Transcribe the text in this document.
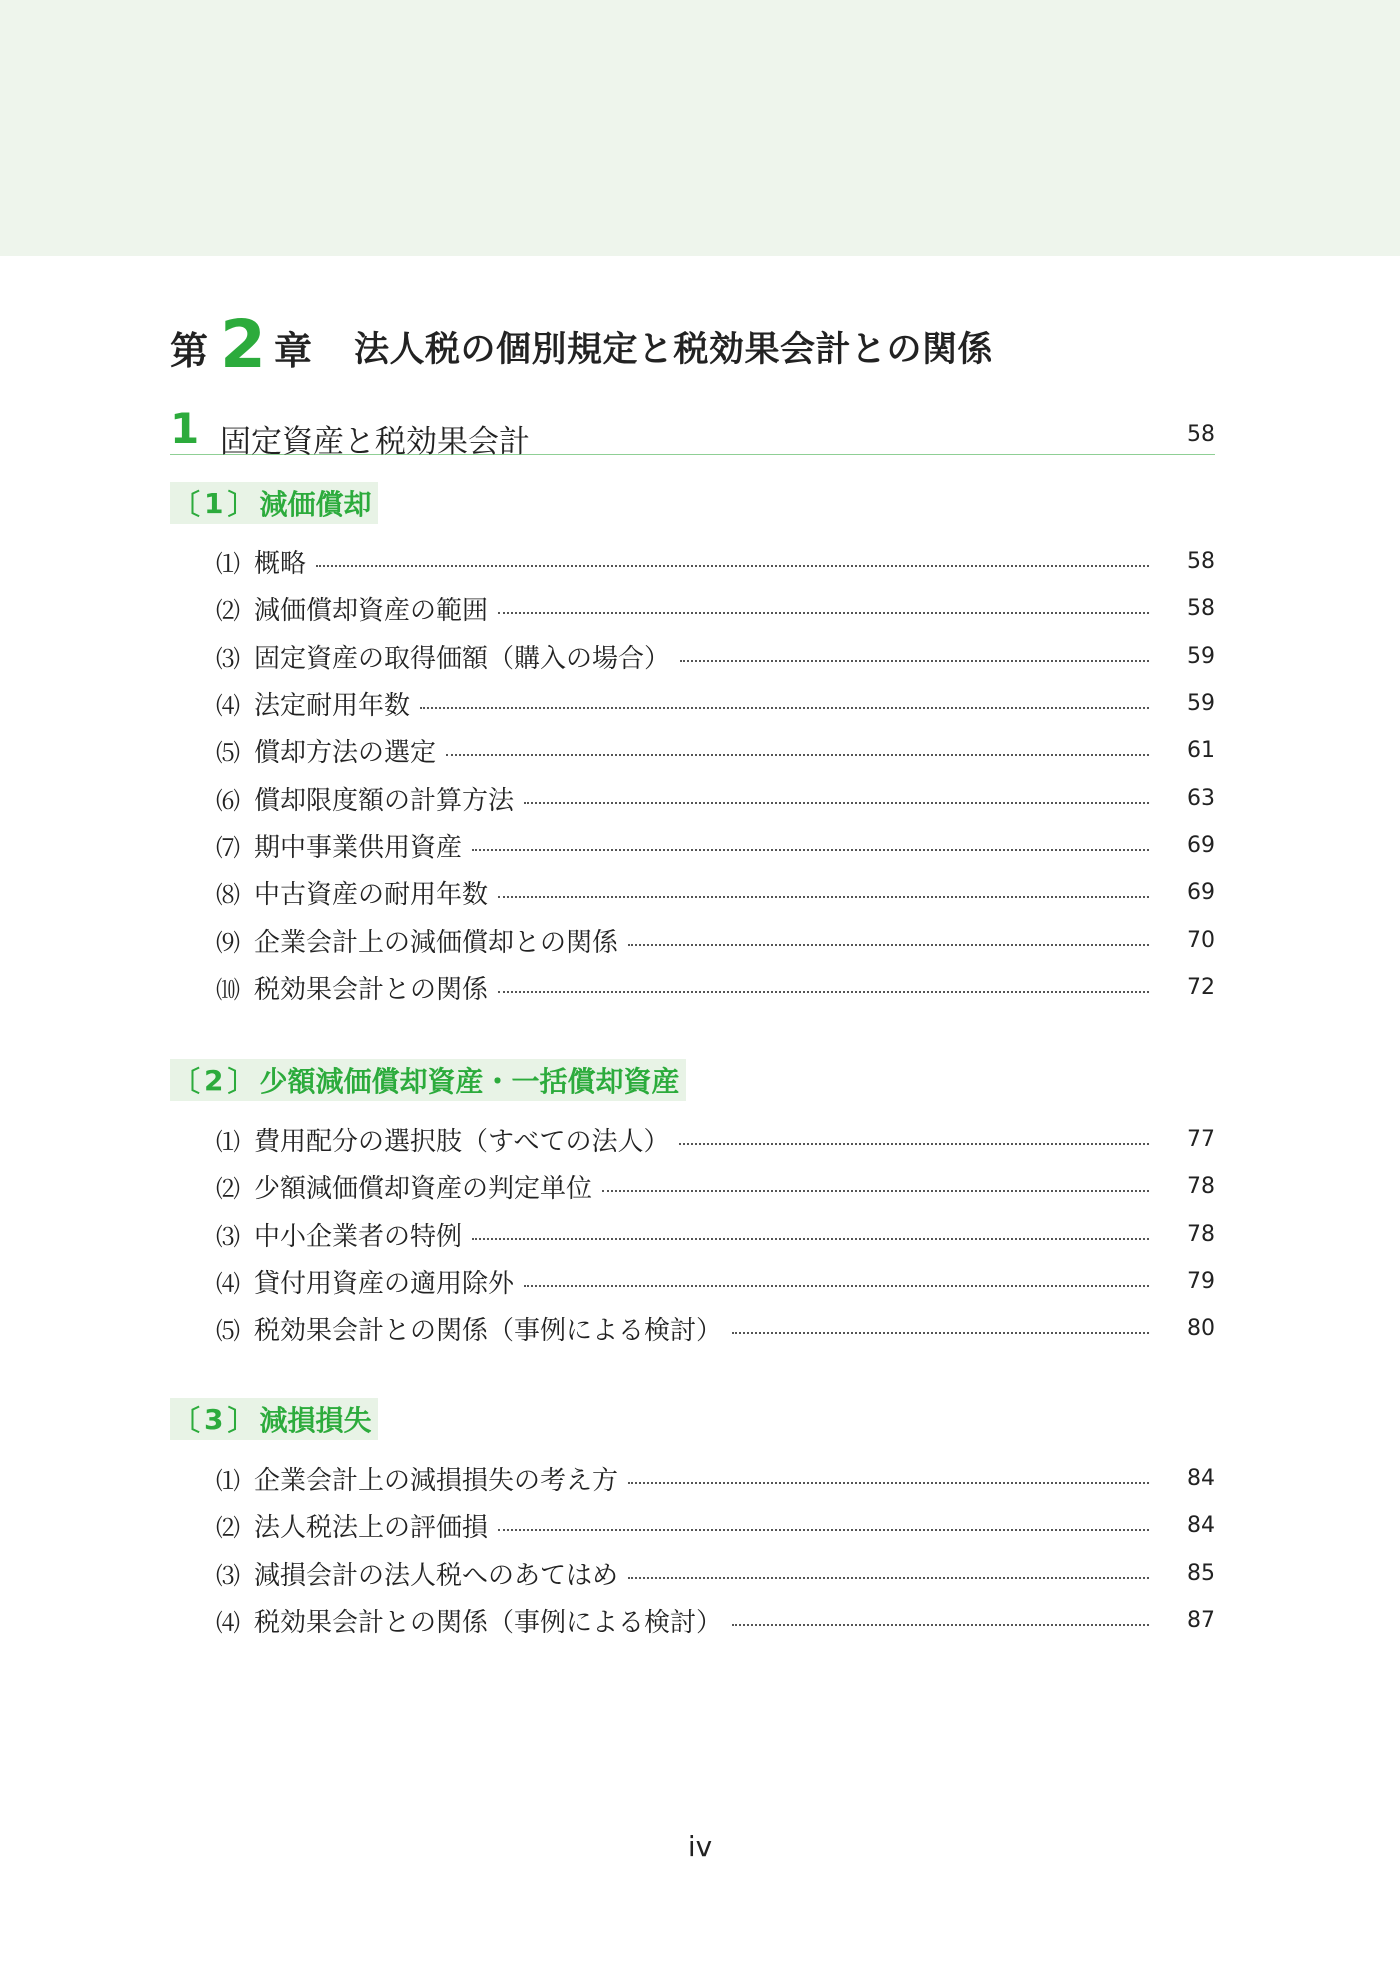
第 2 章 法人税の個別規定と税効果会計との関係
1 固定資産と税効果会計	58
〔 1 〕 減価償却
⑴ 概略	58
⑵ 減価償却資産の範囲	58
⑶ 固定資産の取得価額（購入の場合）	59
⑷ 法定耐用年数	59
⑸ 償却方法の選定	61
⑹ 償却限度額の計算方法	63
⑺ 期中事業供用資産	69
⑻ 中古資産の耐用年数	69
⑼ 企業会計上の減価償却との関係	70
⑽ 税効果会計との関係	72
〔 2 〕 少額減価償却資産・一括償却資産
⑴ 費用配分の選択肢（すべての法人）	77
⑵ 少額減価償却資産の判定単位	78
⑶ 中小企業者の特例	78
⑷ 貸付用資産の適用除外	79
⑸ 税効果会計との関係（事例による検討）	80
〔 3 〕 減損損失
⑴ 企業会計上の減損損失の考え方	84
⑵ 法人税法上の評価損	84
⑶ 減損会計の法人税へのあてはめ	85
⑷ 税効果会計との関係（事例による検討）	87
iv
